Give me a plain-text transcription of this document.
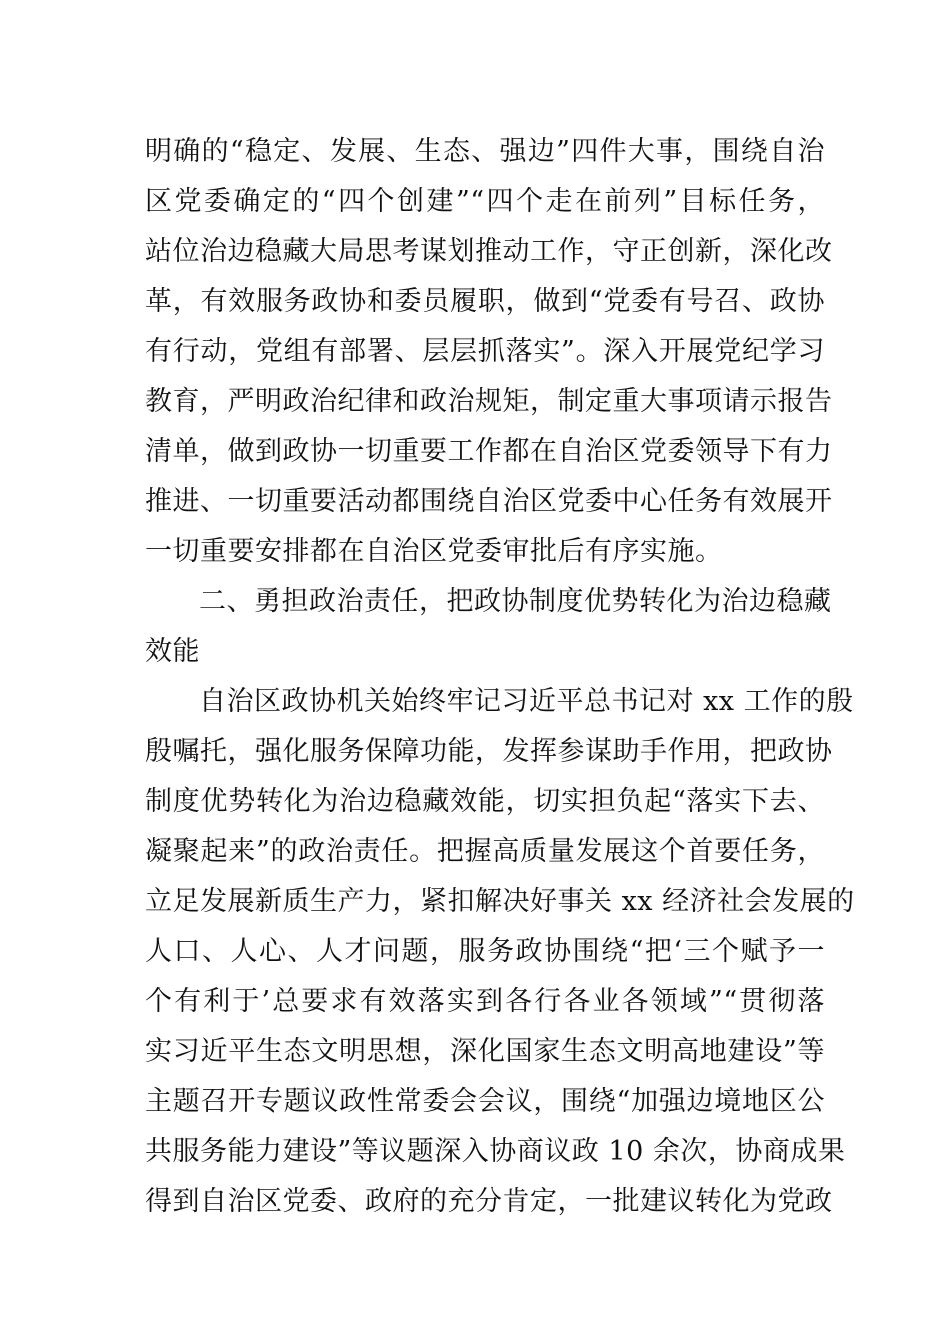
明确的“稳定、发展、生态、强边”四件大事，围绕自治
区党委确定的“四个创建”“四个走在前列”目标任务，
站位治边稳藏大局思考谋划推动工作，守正创新，深化改
革，有效服务政协和委员履职，做到“党委有号召、政协
有行动，党组有部署、层层抓落实”。深入开展党纪学习
教育，严明政治纪律和政治规矩，制定重大事项请示报告
清单，做到政协一切重要工作都在自治区党委领导下有力
推进、一切重要活动都围绕自治区党委中心任务有效展开
一切重要安排都在自治区党委审批后有序实施。
二、勇担政治责任，把政协制度优势转化为治边稳藏
效能
自治区政协机关始终牢记习近平总书记对 xx 工作的殷
殷嘱托，强化服务保障功能，发挥参谋助手作用，把政协
制度优势转化为治边稳藏效能，切实担负起“落实下去、
凝聚起来”的政治责任。把握高质量发展这个首要任务，
立足发展新质生产力，紧扣解决好事关 xx 经济社会发展的
人口、人心、人才问题，服务政协围绕“把‘三个赋予一
个有利于’总要求有效落实到各行各业各领域”“贯彻落
实习近平生态文明思想，深化国家生态文明高地建设”等
主题召开专题议政性常委会会议，围绕“加强边境地区公
共服务能力建设”等议题深入协商议政 10 余次，协商成果
得到自治区党委、政府的充分肯定，一批建议转化为党政
